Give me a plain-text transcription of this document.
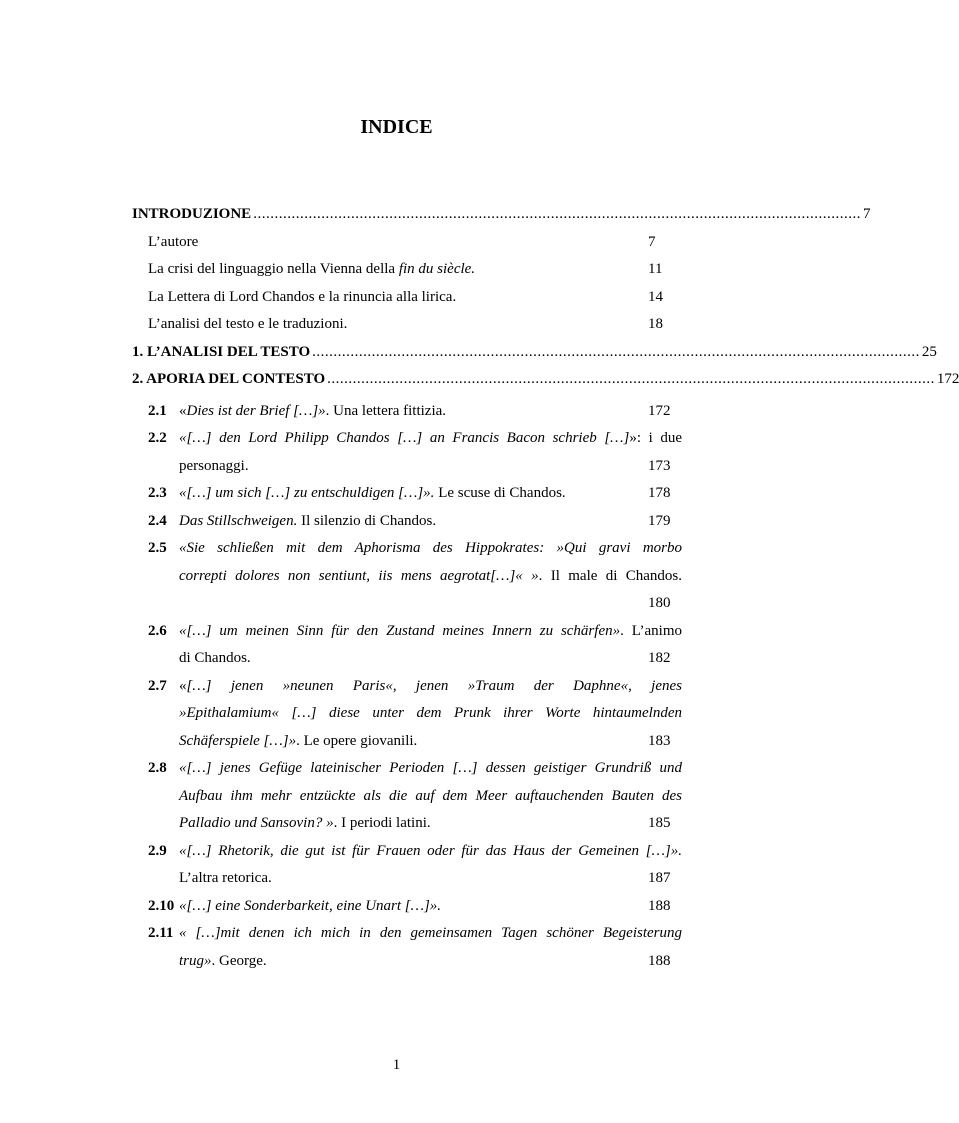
INDICE
INTRODUZIONE ............................................................................................................................................... 7
L’autore	7
La crisi del linguaggio nella Vienna della fin du siècle.	11
La Lettera di Lord Chandos e la rinuncia alla lirica.	14
L’analisi del testo e le traduzioni.	18
1. L’ANALISI DEL TESTO ............................................................................................................................................... 25
2. APORIA DEL CONTESTO ............................................................................................................................................... 172
2.1 «Dies ist der Brief […]». Una lettera fittizia.	172
2.2 «[…] den Lord Philipp Chandos […] an Francis Bacon schrieb […]»: i due
personaggi.	173
2.3 «[…] um sich […] zu entschuldigen […]». Le scuse di Chandos.	178
2.4 Das Stillschweigen. Il silenzio di Chandos.	179
2.5 «Sie schließen mit dem Aphorisma des Hippokrates: »Qui gravi morbo
correpti dolores non sentiunt, iis mens aegrotat[…]« ». Il male di Chandos.
180
2.6 «[…] um meinen Sinn für den Zustand meines Innern zu schärfen». L’animo
di Chandos.	182
2.7 «[…] jenen »neunen Paris«, jenen »Traum der Daphne«, jenes
»Epithalamium« […] diese unter dem Prunk ihrer Worte hintaumelnden
Schäferspiele […]». Le opere giovanili.	183
2.8 «[…] jenes Gefüge lateinischer Perioden […] dessen geistiger Grundriß und
Aufbau ihm mehr entzückte als die auf dem Meer auftauchenden Bauten des
Palladio und Sansovin? ». I periodi latini.	185
2.9 «[…] Rhetorik, die gut ist für Frauen oder für das Haus der Gemeinen […]».
L’altra retorica.	187
2.10 «[…] eine Sonderbarkeit, eine Unart […]».	188
2.11 « […]mit denen ich mich in den gemeinsamen Tagen schöner Begeisterung
trug». George.	188
1
